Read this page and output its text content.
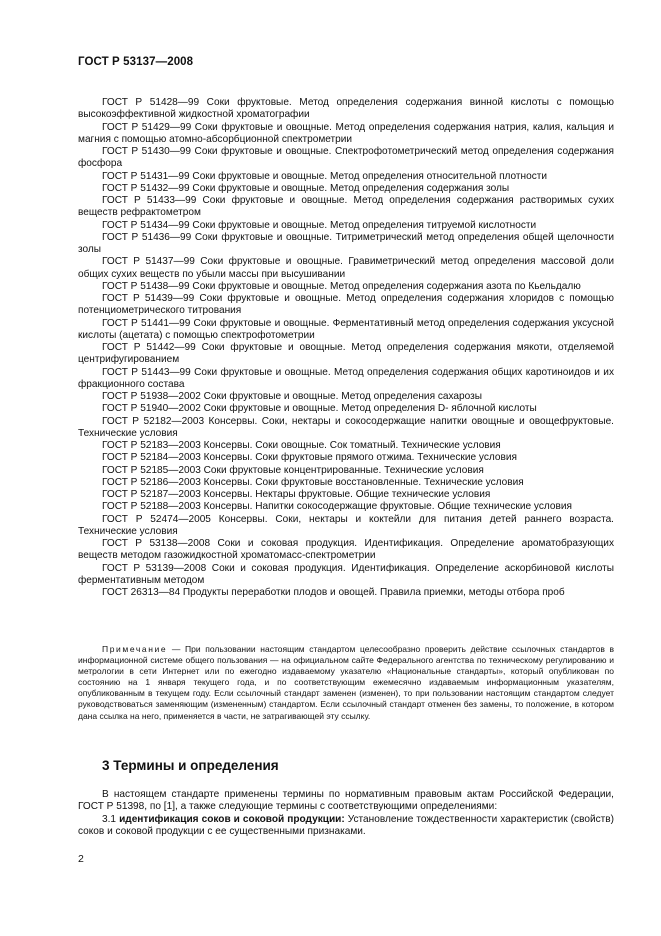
ГОСТ Р 53137—2008

ГОСТ Р 51428—99 Соки фруктовые. Метод определения содержания винной кислоты с помощью высокоэффективной жидкостной хроматографии

ГОСТ Р 51429—99 Соки фруктовые и овощные. Метод определения содержания натрия, калия, кальция и магния с помощью атомно-абсорбционной спектрометрии

ГОСТ Р 51430—99 Соки фруктовые и овощные. Спектрофотометрический метод определения содержания фосфора

ГОСТ Р 51431—99 Соки фруктовые и овощные. Метод определения относительной плотности

ГОСТ Р 51432—99 Соки фруктовые и овощные. Метод определения содержания золы

ГОСТ Р 51433—99 Соки фруктовые и овощные. Метод определения содержания растворимых сухих веществ рефрактометром

ГОСТ Р 51434—99 Соки фруктовые и овощные. Метод определения титруемой кислотности

ГОСТ Р 51436—99 Соки фруктовые и овощные. Титриметрический метод определения общей щелочности золы

ГОСТ Р 51437—99 Соки фруктовые и овощные. Гравиметрический метод определения массовой доли общих сухих веществ по убыли массы при высушивании

ГОСТ Р 51438—99 Соки фруктовые и овощные. Метод определения содержания азота по Кьельдалю

ГОСТ Р 51439—99 Соки фруктовые и овощные. Метод определения содержания хлоридов с помощью потенциометрического титрования

ГОСТ Р 51441—99 Соки фруктовые и овощные. Ферментативный метод определения содержания уксусной кислоты (ацетата) с помощью спектрофотометрии

ГОСТ Р 51442—99 Соки фруктовые и овощные. Метод определения содержания мякоти, отделяемой центрифугированием

ГОСТ Р 51443—99 Соки фруктовые и овощные. Метод определения содержания общих каротиноидов и их фракционного состава

ГОСТ Р 51938—2002 Соки фруктовые и овощные. Метод определения сахарозы

ГОСТ Р 51940—2002 Соки фруктовые и овощные. Метод определения D- яблочной кислоты

ГОСТ Р 52182—2003 Консервы. Соки, нектары и сокосодержащие напитки овощные и овощефруктовые. Технические условия

ГОСТ Р 52183—2003 Консервы. Соки овощные. Сок томатный. Технические условия

ГОСТ Р 52184—2003 Консервы. Соки фруктовые прямого отжима. Технические условия

ГОСТ Р 52185—2003 Соки фруктовые концентрированные. Технические условия

ГОСТ Р 52186—2003 Консервы. Соки фруктовые восстановленные. Технические условия

ГОСТ Р 52187—2003 Консервы. Нектары фруктовые. Общие технические условия

ГОСТ Р 52188—2003 Консервы. Напитки сокосодержащие фруктовые. Общие технические условия

ГОСТ Р 52474—2005 Консервы. Соки, нектары и коктейли для питания детей раннего возраста. Технические условия

ГОСТ Р 53138—2008 Соки и соковая продукция. Идентификация. Определение ароматобразующих веществ методом газожидкостной хроматомасс-спектрометрии

ГОСТ Р 53139—2008 Соки и соковая продукция. Идентификация. Определение аскорбиновой кислоты ферментативным методом

ГОСТ 26313—84 Продукты переработки плодов и овощей. Правила приемки, методы отбора проб

Примечание — При пользовании настоящим стандартом целесообразно проверить действие ссылочных стандартов в информационной системе общего пользования — на официальном сайте Федерального агентства по техническому регулированию и метрологии в сети Интернет или по ежегодно издаваемому указателю «Национальные стандарты», который опубликован по состоянию на 1 января текущего года, и по соответствующим ежемесячно издаваемым информационным указателям, опубликованным в текущем году. Если ссылочный стандарт заменен (изменен), то при пользовании настоящим стандартом следует руководствоваться заменяющим (измененным) стандартом. Если ссылочный стандарт отменен без замены, то положение, в котором дана ссылка на него, применяется в части, не затрагивающей эту ссылку.

3 Термины и определения

В настоящем стандарте применены термины по нормативным правовым актам Российской Федерации, ГОСТ Р 51398, по [1], а также следующие термины с соответствующими определениями:

3.1 идентификация соков и соковой продукции: Установление тождественности характеристик (свойств) соков и соковой продукции с ее существенными признаками.

2
